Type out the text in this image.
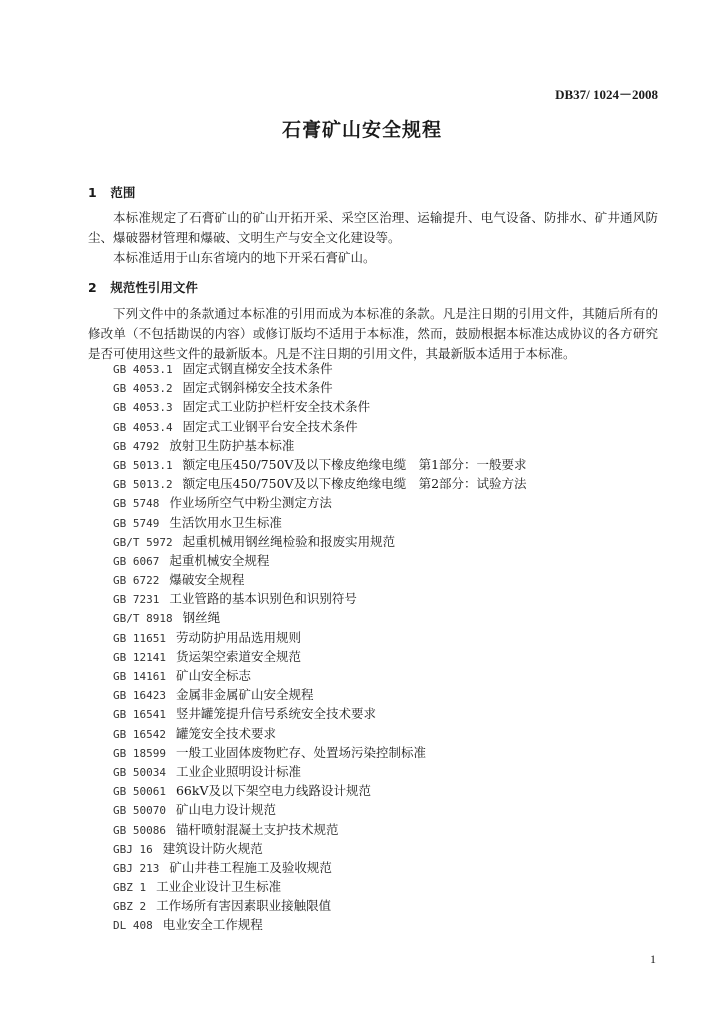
DB37/ 1024－2008
石膏矿山安全规程
1 范围
本标准规定了石膏矿山的矿山开拓开采、采空区治理、运输提升、电气设备、防排水、矿井通风防尘、爆破器材管理和爆破、文明生产与安全文化建设等。
本标准适用于山东省境内的地下开采石膏矿山。
2 规范性引用文件
下列文件中的条款通过本标准的引用而成为本标准的条款。凡是注日期的引用文件，其随后所有的修改单（不包括勘误的内容）或修订版均不适用于本标准，然而，鼓励根据本标准达成协议的各方研究是否可使用这些文件的最新版本。凡是不注日期的引用文件，其最新版本适用于本标准。
GB 4053.1 固定式钢直梯安全技术条件
GB 4053.2 固定式钢斜梯安全技术条件
GB 4053.3 固定式工业防护栏杆安全技术条件
GB 4053.4 固定式工业钢平台安全技术条件
GB 4792 放射卫生防护基本标准
GB 5013.1 额定电压450/750V及以下橡皮绝缘电缆　第1部分：一般要求
GB 5013.2 额定电压450/750V及以下橡皮绝缘电缆　第2部分：试验方法
GB 5748 作业场所空气中粉尘测定方法
GB 5749 生活饮用水卫生标准
GB/T 5972 起重机械用钢丝绳检验和报废实用规范
GB 6067 起重机械安全规程
GB 6722 爆破安全规程
GB 7231 工业管路的基本识别色和识别符号
GB/T 8918 钢丝绳
GB 11651 劳动防护用品选用规则
GB 12141 货运架空索道安全规范
GB 14161 矿山安全标志
GB 16423 金属非金属矿山安全规程
GB 16541 竖井罐笼提升信号系统安全技术要求
GB 16542 罐笼安全技术要求
GB 18599 一般工业固体废物贮存、处置场污染控制标准
GB 50034 工业企业照明设计标准
GB 50061 66kV及以下架空电力线路设计规范
GB 50070 矿山电力设计规范
GB 50086 锚杆喷射混凝土支护技术规范
GBJ 16 建筑设计防火规范
GBJ 213 矿山井巷工程施工及验收规范
GBZ 1 工业企业设计卫生标准
GBZ 2 工作场所有害因素职业接触限值
DL 408 电业安全工作规程
1
